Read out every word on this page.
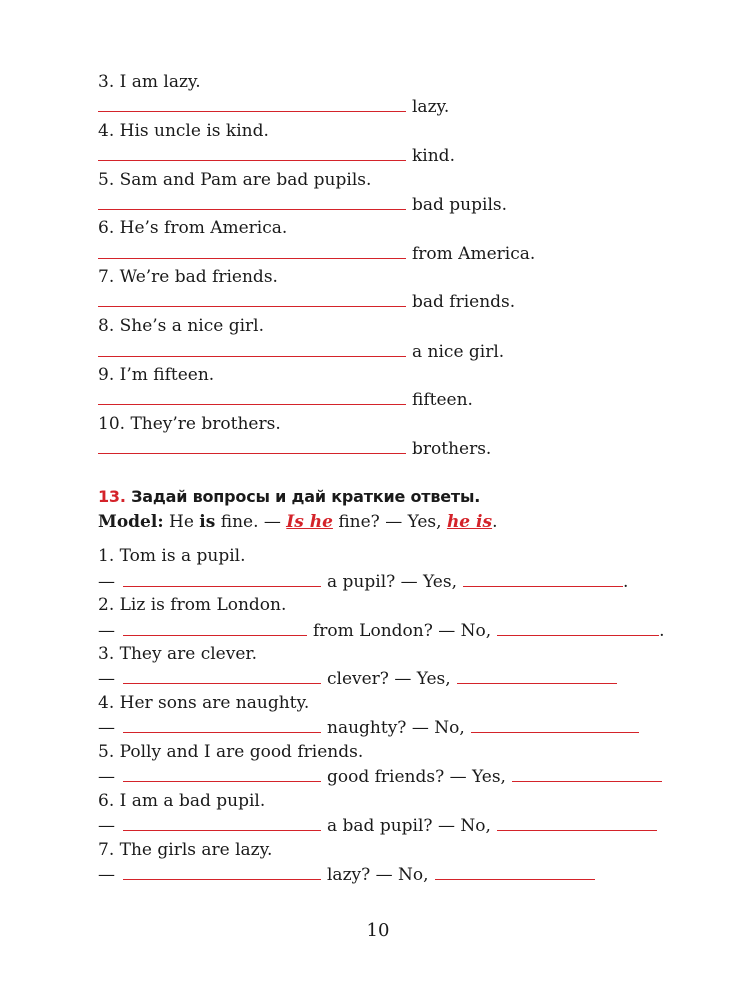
3. I am lazy.
lazy.
4. His uncle is kind.
kind.
5. Sam and Pam are bad pupils.
bad pupils.
6. He’s from America.
from America.
7. We’re bad friends.
bad friends.
8. She’s a nice girl.
a nice girl.
9. I’m fifteen.
fifteen.
10. They’re brothers.
brothers.
13. Задай вопросы и дай краткие ответы.
Model: He is fine. — Is he fine? — Yes, he is.
1. Tom is a pupil.
—	a pupil? — Yes,	.
2. Liz is from London.
—	from London? — No,	.
3. They are clever.
—	clever? — Yes,
4. Her sons are naughty.
—	naughty? — No,
5. Polly and I are good friends.
—	good friends? — Yes,
6. I am a bad pupil.
—	a bad pupil? — No,
7. The girls are lazy.
—	lazy? — No,
10
